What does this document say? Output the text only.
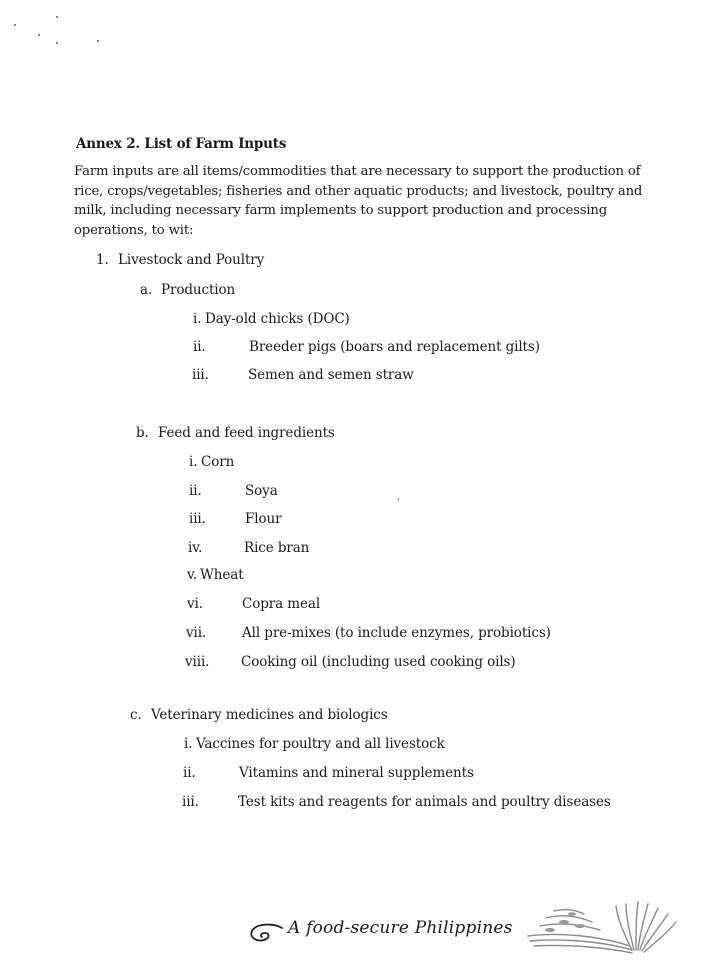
Annex 2. List of Farm Inputs
Farm inputs are all items/commodities that are necessary to support the production of
rice, crops/vegetables; fisheries and other aquatic products; and livestock, poultry and
milk, including necessary farm implements to support production and processing
operations, to wit:
1. Livestock and Poultry
a. Production
i. Day-old chicks (DOC)
ii.	Breeder pigs (boars and replacement gilts)
iii.	Semen and semen straw
b. Feed and feed ingredients
i. Corn
ii.	Soya
iii.	Flour
iv.	Rice bran
v. Wheat
vi.	Copra meal
vii.	All pre-mixes (to include enzymes, probiotics)
viii. Cooking oil (including used cooking oils)
c. Veterinary medicines and biologics
i. Vaccines for poultry and all livestock
ii.	Vitamins and mineral supplements
iii.	Test kits and reagents for animals and poultry diseases
A food-secure Philippines
